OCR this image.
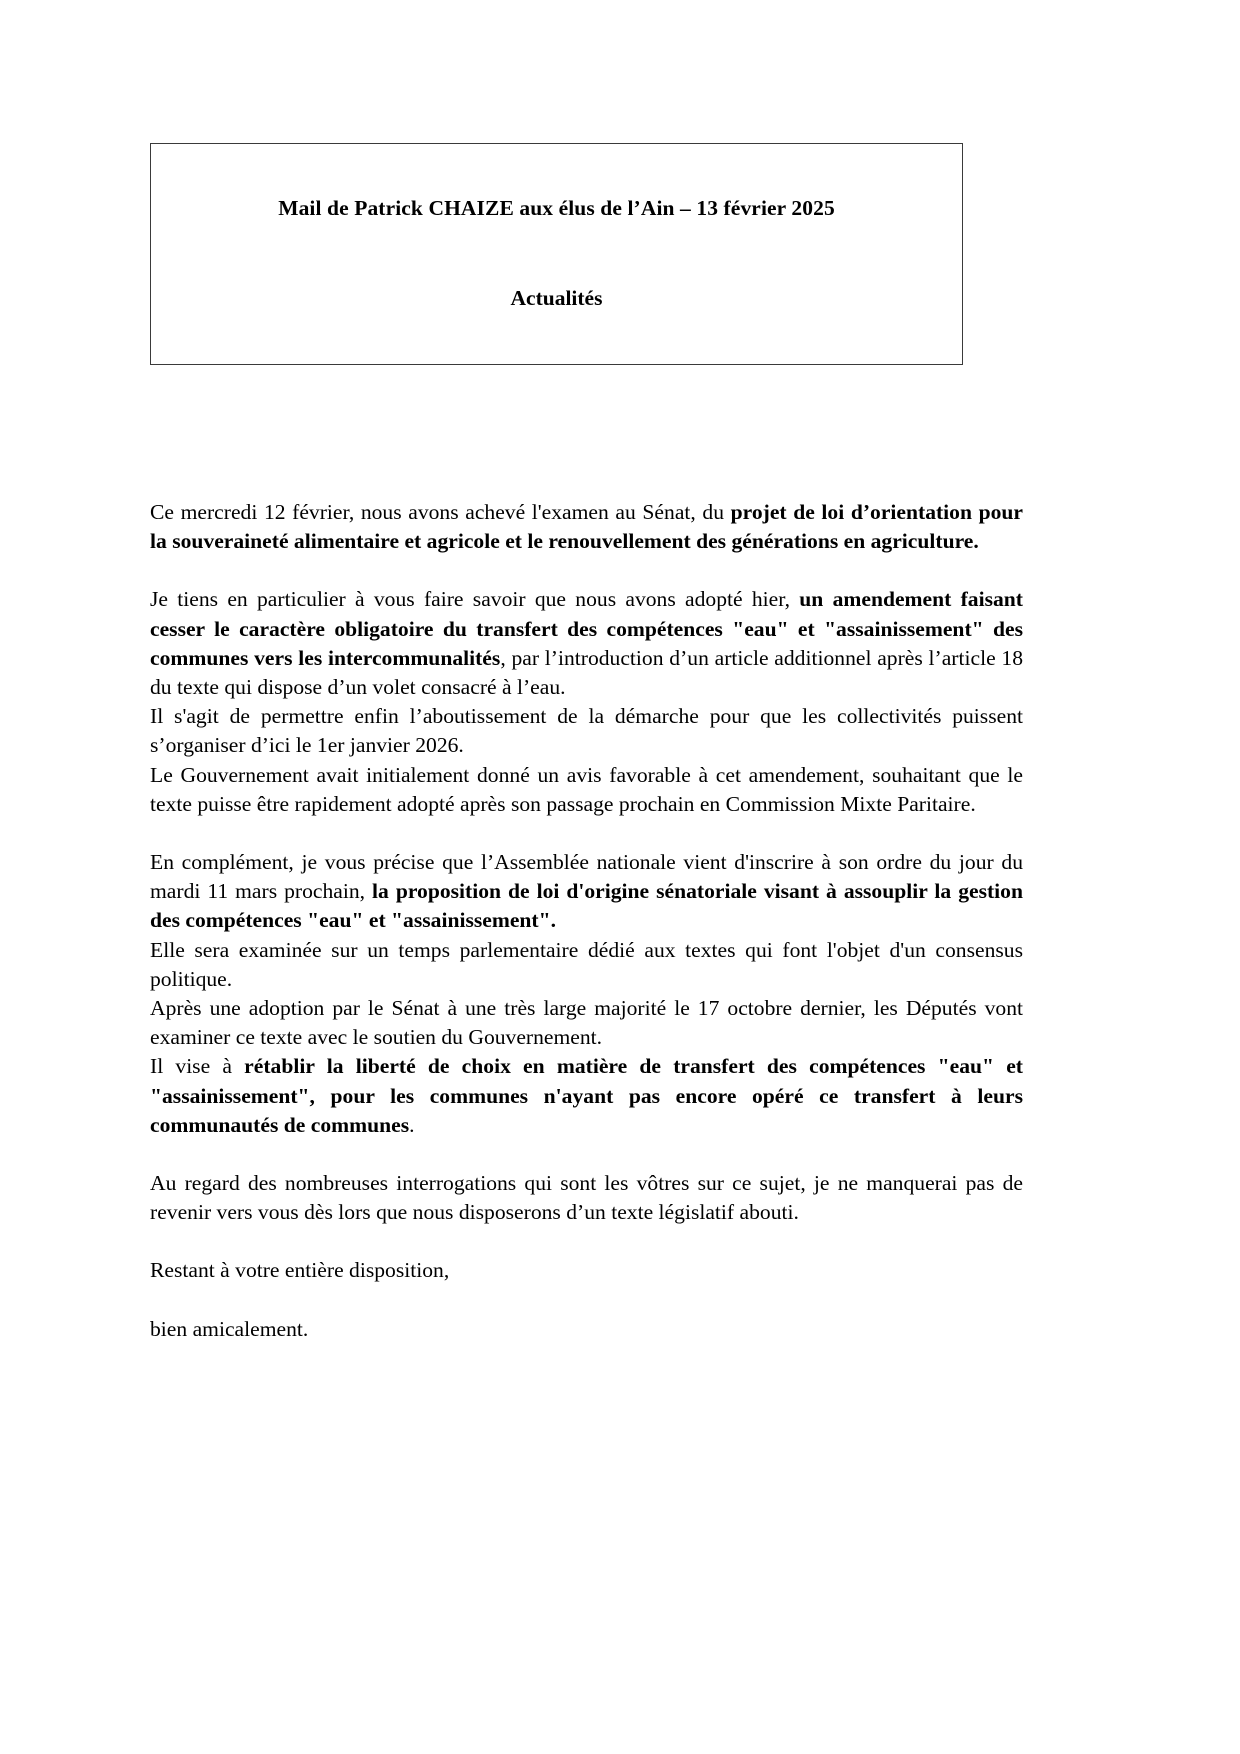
Mail de Patrick CHAIZE aux élus de l’Ain – 13 février 2025
Actualités

Ce mercredi 12 février, nous avons achevé l'examen au Sénat, du projet de loi d’orientation pour la souveraineté alimentaire et agricole et le renouvellement des générations en agriculture.

Je tiens en particulier à vous faire savoir que nous avons adopté hier, un amendement faisant cesser le caractère obligatoire du transfert des compétences "eau" et "assainissement" des communes vers les intercommunalités, par l’introduction d’un article additionnel après l’article 18 du texte qui dispose d’un volet consacré à l’eau.

Il s'agit de permettre enfin l’aboutissement de la démarche pour que les collectivités puissent s’organiser d’ici le 1er janvier 2026.

Le Gouvernement avait initialement donné un avis favorable à cet amendement, souhaitant que le texte puisse être rapidement adopté après son passage prochain en Commission Mixte Paritaire.

En complément, je vous précise que l’Assemblée nationale vient d'inscrire à son ordre du jour du mardi 11 mars prochain, la proposition de loi d'origine sénatoriale visant à assouplir la gestion des compétences "eau" et "assainissement".

Elle sera examinée sur un temps parlementaire dédié aux textes qui font l'objet d'un consensus politique.

Après une adoption par le Sénat à une très large majorité le 17 octobre dernier, les Députés vont examiner ce texte avec le soutien du Gouvernement.

Il vise à rétablir la liberté de choix en matière de transfert des compétences "eau" et "assainissement", pour les communes n'ayant pas encore opéré ce transfert à leurs communautés de communes.

Au regard des nombreuses interrogations qui sont les vôtres sur ce sujet, je ne manquerai pas de revenir vers vous dès lors que nous disposerons d’un texte législatif abouti.

Restant à votre entière disposition,

bien amicalement.
